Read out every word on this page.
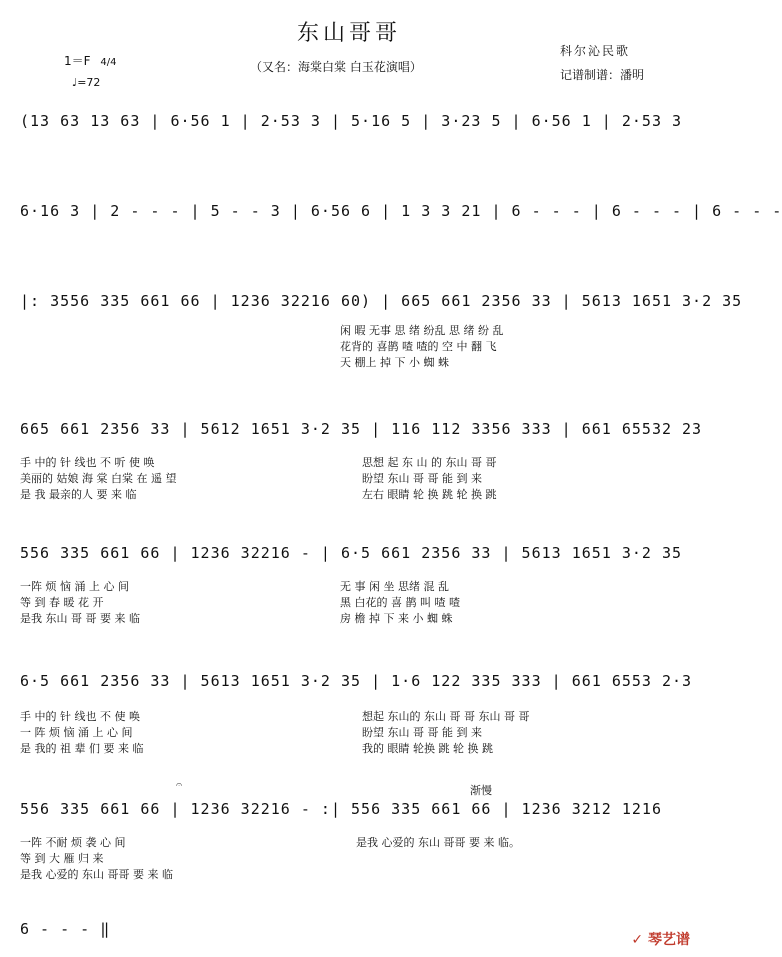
东山哥哥
（又名：海棠白棠 白玉花演唱）
1＝F 4/4
♩=72
科尔沁民歌
记谱制谱：潘明
(13 63 13 63 | 6·56 1 | 2·53 3 | 5·16 5 | 3·23 5 | 6·56 1 | 2·53 3
6·16 3 | 2 - - - | 5 - - 3 | 6·56 6 | 1 3 3 21 | 6 - - - | 6 - - - | 6 - - -
|: 3556 335 661 66 | 1236 32216 60) | 665 661 2356 33 | 5613 1651 3·2 35
闲 暇 无事 思 绪 纷乱 思 绪 纷 乱
花背的 喜鹊 喳 喳的 空 中 翻 飞
天 棚上 掉 下 小 蜘 蛛
665 661 2356 33 | 5612 1651 3·2 35 | 116 112 3356 333 | 661 65532 23
手 中的 针 线也 不 听 使 唤
美丽的 姑娘 海 棠 白棠 在 遥 望
是 我 最亲的人 要 来 临
思想 起 东 山 的 东山 哥 哥
盼望 东山 哥 哥 能 到 来
左右 眼睛 轮 换 跳 轮 换 跳
556 335 661 66 | 1236 32216 - | 6·5 661 2356 33 | 5613 1651 3·2 35
一阵 烦 恼 涌 上 心 间
等 到 春 暖 花 开
是我 东山 哥 哥 要 来 临
无 事 闲 坐 思绪 混 乱
黑 白花的 喜 鹊 叫 喳 喳
房 檐 掉 下 来 小 蜘 蛛
6·5 661 2356 33 | 5613 1651 3·2 35 | 1·6 122 335 333 | 661 6553 2·3
手 中的 针 线也 不 使 唤
一 阵 烦 恼 涌 上 心 间
是 我的 祖 辈 们 要 来 临
想起 东山的 东山 哥 哥 东山 哥 哥
盼望 东山 哥 哥 能 到 来
我的 眼睛 轮换 跳 轮 换 跳
渐慢
𝄐
556 335 661 66 | 1236 32216 - :| 556 335 661 66 | 1236 3212 1216
一阵 不耐 烦 袭 心 间
等 到 大 雁 归 来
是我 心爱的 东山 哥哥 要 来 临
是我 心爱的 东山 哥哥 要 来 临。
6 - - - ‖
✓ 琴艺谱
